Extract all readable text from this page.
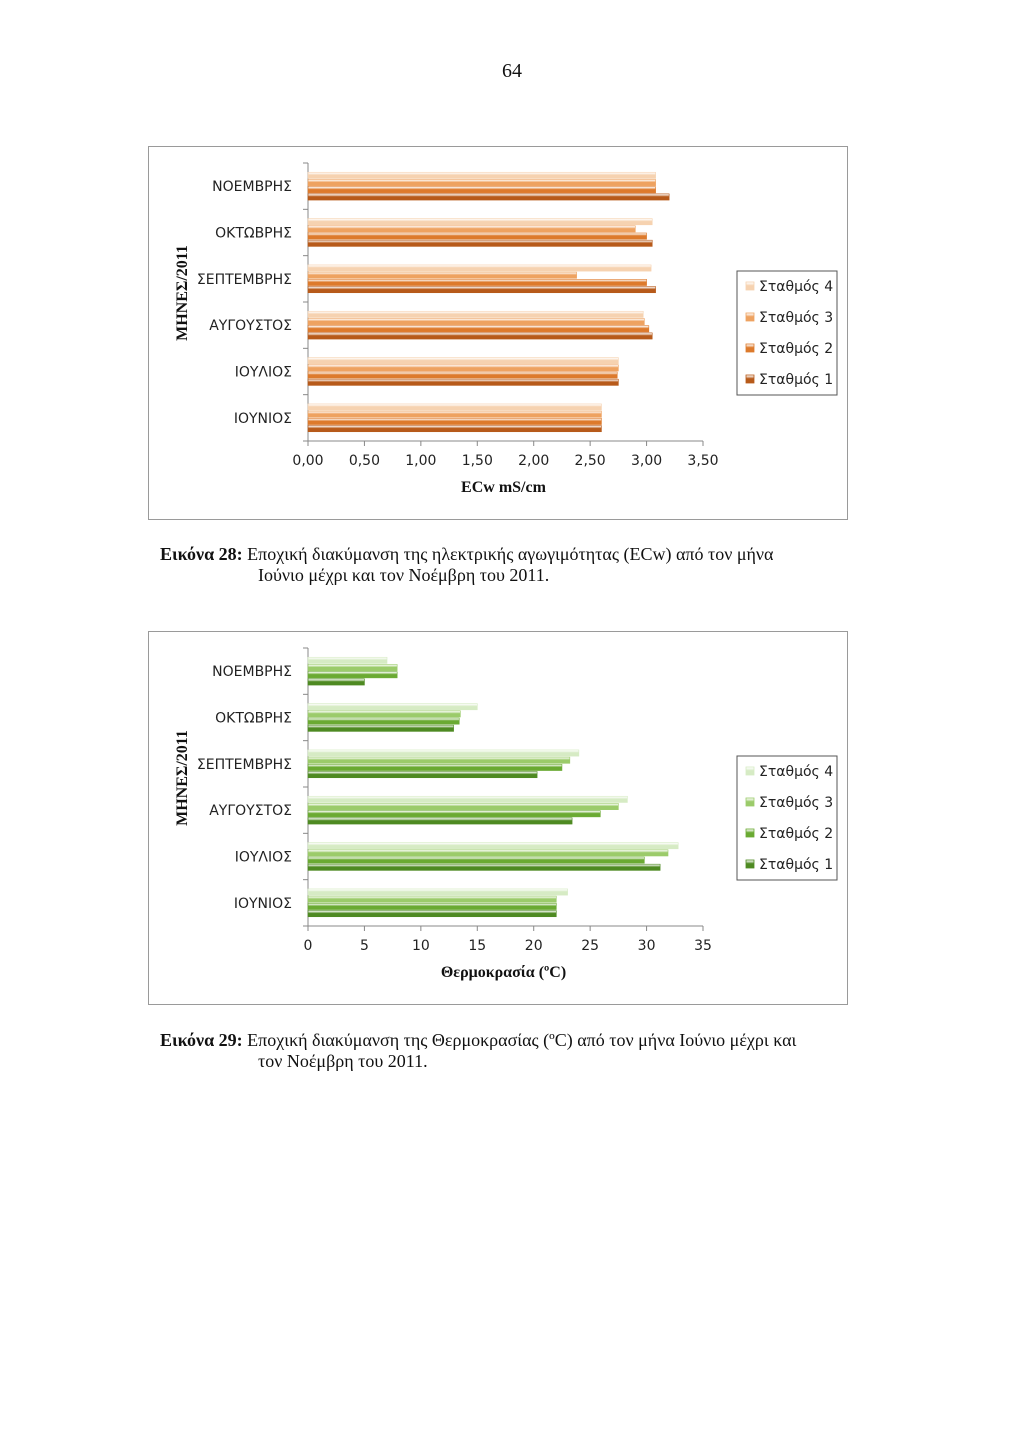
64
ΙΟΥΝΙΟΣ
ΙΟΥΛΙΟΣ
ΑΥΓΟΥΣΤΟΣ
ΣΕΠΤΕΜΒΡΗΣ
ΟΚΤΩΒΡΗΣ
ΝΟΕΜΒΡΗΣ
0,00 0,50 1,00 1,50 2,00 2,50 3,00 3,50
ECw mS/cm
ΜΗΝΕΣ/2011	Σταθμός 4
Σταθμός 3
Σταθμός 2
Σταθμός 1
Εικόνα 28: Εποχική διακύμανση της ηλεκτρικής αγωγιμότητας (ECw) από τον μήνα
Ιούνιο μέχρι και τον Νοέμβρη του 2011.
ΙΟΥΝΙΟΣ
ΙΟΥΛΙΟΣ
ΑΥΓΟΥΣΤΟΣ
ΣΕΠΤΕΜΒΡΗΣ
ΟΚΤΩΒΡΗΣ
ΝΟΕΜΒΡΗΣ
0	5	10	15	20	25	30	35
Θερμοκρασία (ºC)
ΜΗΝΕΣ/2011	Σταθμός 4
Σταθμός 3
Σταθμός 2
Σταθμός 1
Εικόνα 29: Εποχική διακύμανση της Θερμοκρασίας (ºC) από τον μήνα Ιούνιο μέχρι και
τον Νοέμβρη του 2011.
